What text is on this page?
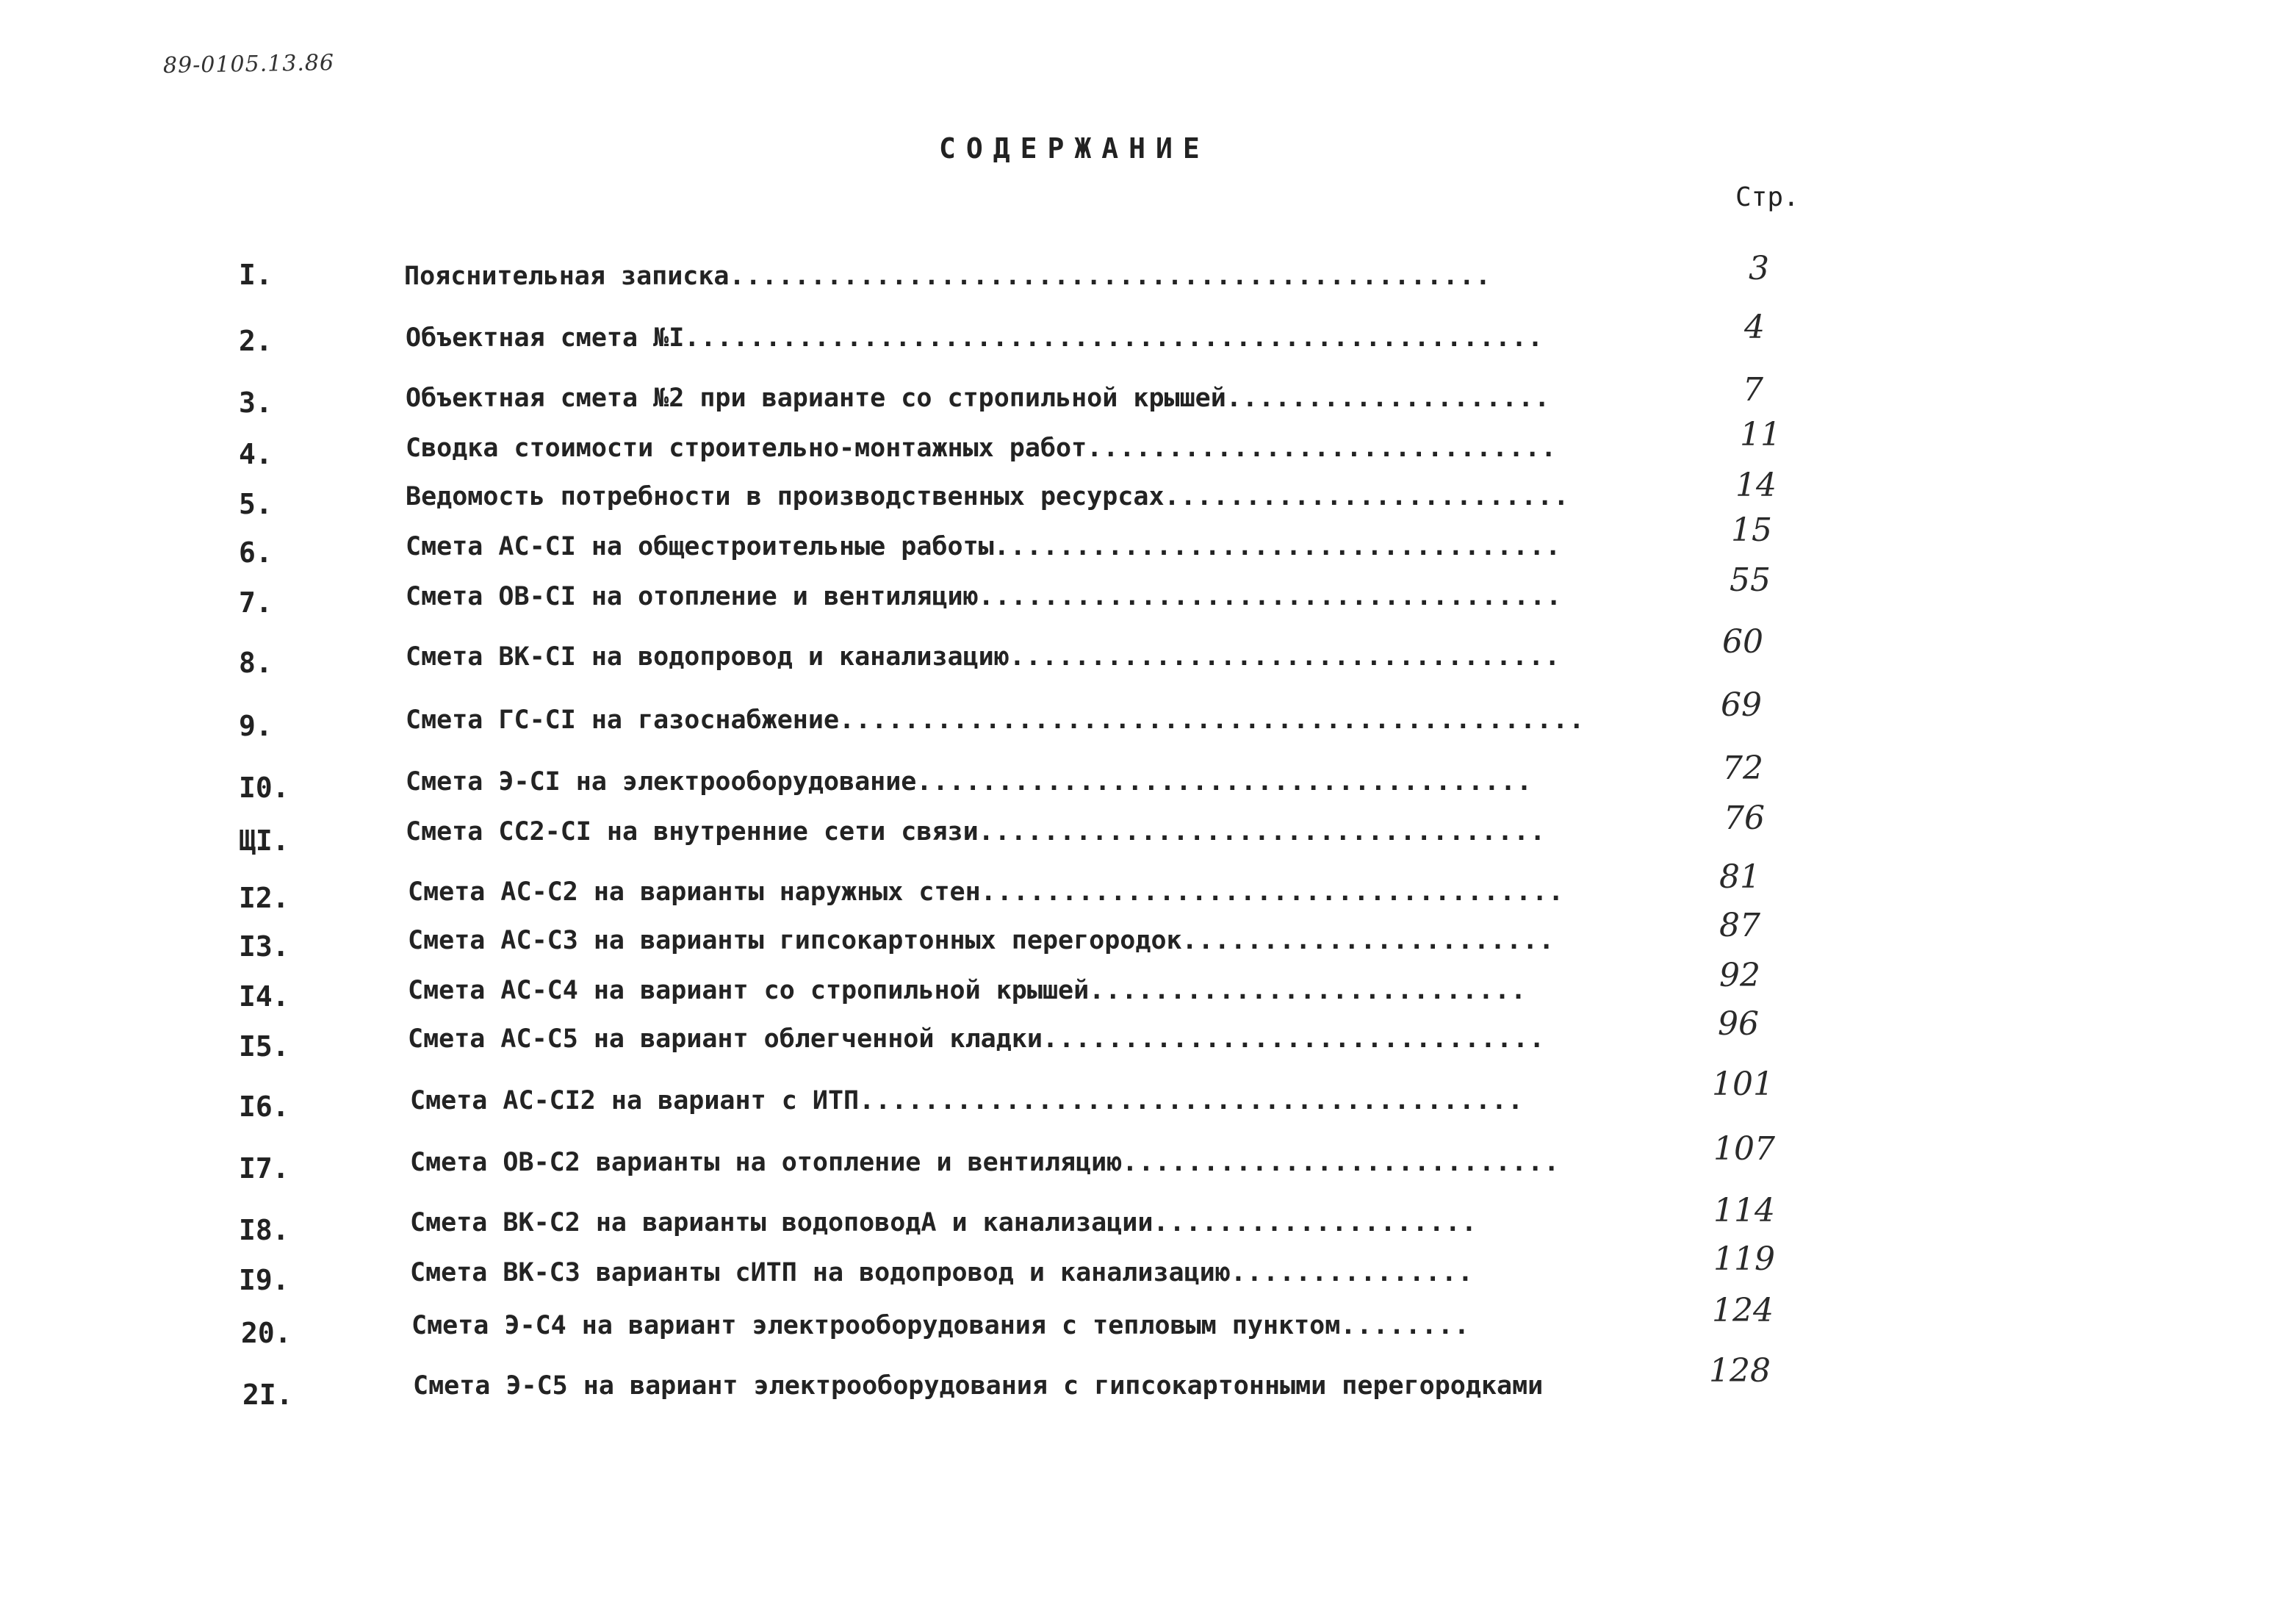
89-0105.13.86
СОДЕРЖАНИЕ
Стр.
I.	Пояснительная записка ...............................................	3
2.	Объектная смета №I .....................................................	4
3.	Объектная смета №2 при варианте со стропильной крышей ....................	7
4.	Сводка стоимости строительно-монтажных работ .............................	11
5.	Ведомость потребности в производственных ресурсах .........................	14
6.	Смета АС-СI на общестроительные работы ...................................	15
7.	Смета ОВ-СI на отопление и вентиляцию ....................................	55
8.	Смета ВК-СI на водопровод и канализацию ..................................	60
9.	Смета ГС-СI на газоснабжение ..............................................	69
I0.	Смета Э-СI на электрооборудование ......................................	72
ЩI.	Смета СС2-СI на внутренние сети связи ...................................	76
I2.	Смета АС-С2 на варианты наружных стен ....................................	81
I3.	Смета АС-С3 на варианты гипсокартонных перегородок .......................	87
I4.	Смета АС-С4 на вариант со стропильной крышей ...........................	92
I5.	Смета АС-С5 на вариант облегченной кладки ...............................	96
I6.	Смета АС-СI2 на вариант с ИТП .........................................	101
I7.	Смета ОВ-С2 варианты на отопление и вентиляцию ...........................	107
I8.	Смета ВК-С2 на варианты водоповодА и канализации ....................	114
I9.	Смета ВК-С3 варианты сИТП на водопровод и канализацию ...............	119
20.	Смета Э-С4 на вариант электрооборудования с тепловым пунктом ........	124
2I.	Смета Э-С5 на вариант электрооборудования с гипсокартонными перегородками	128
